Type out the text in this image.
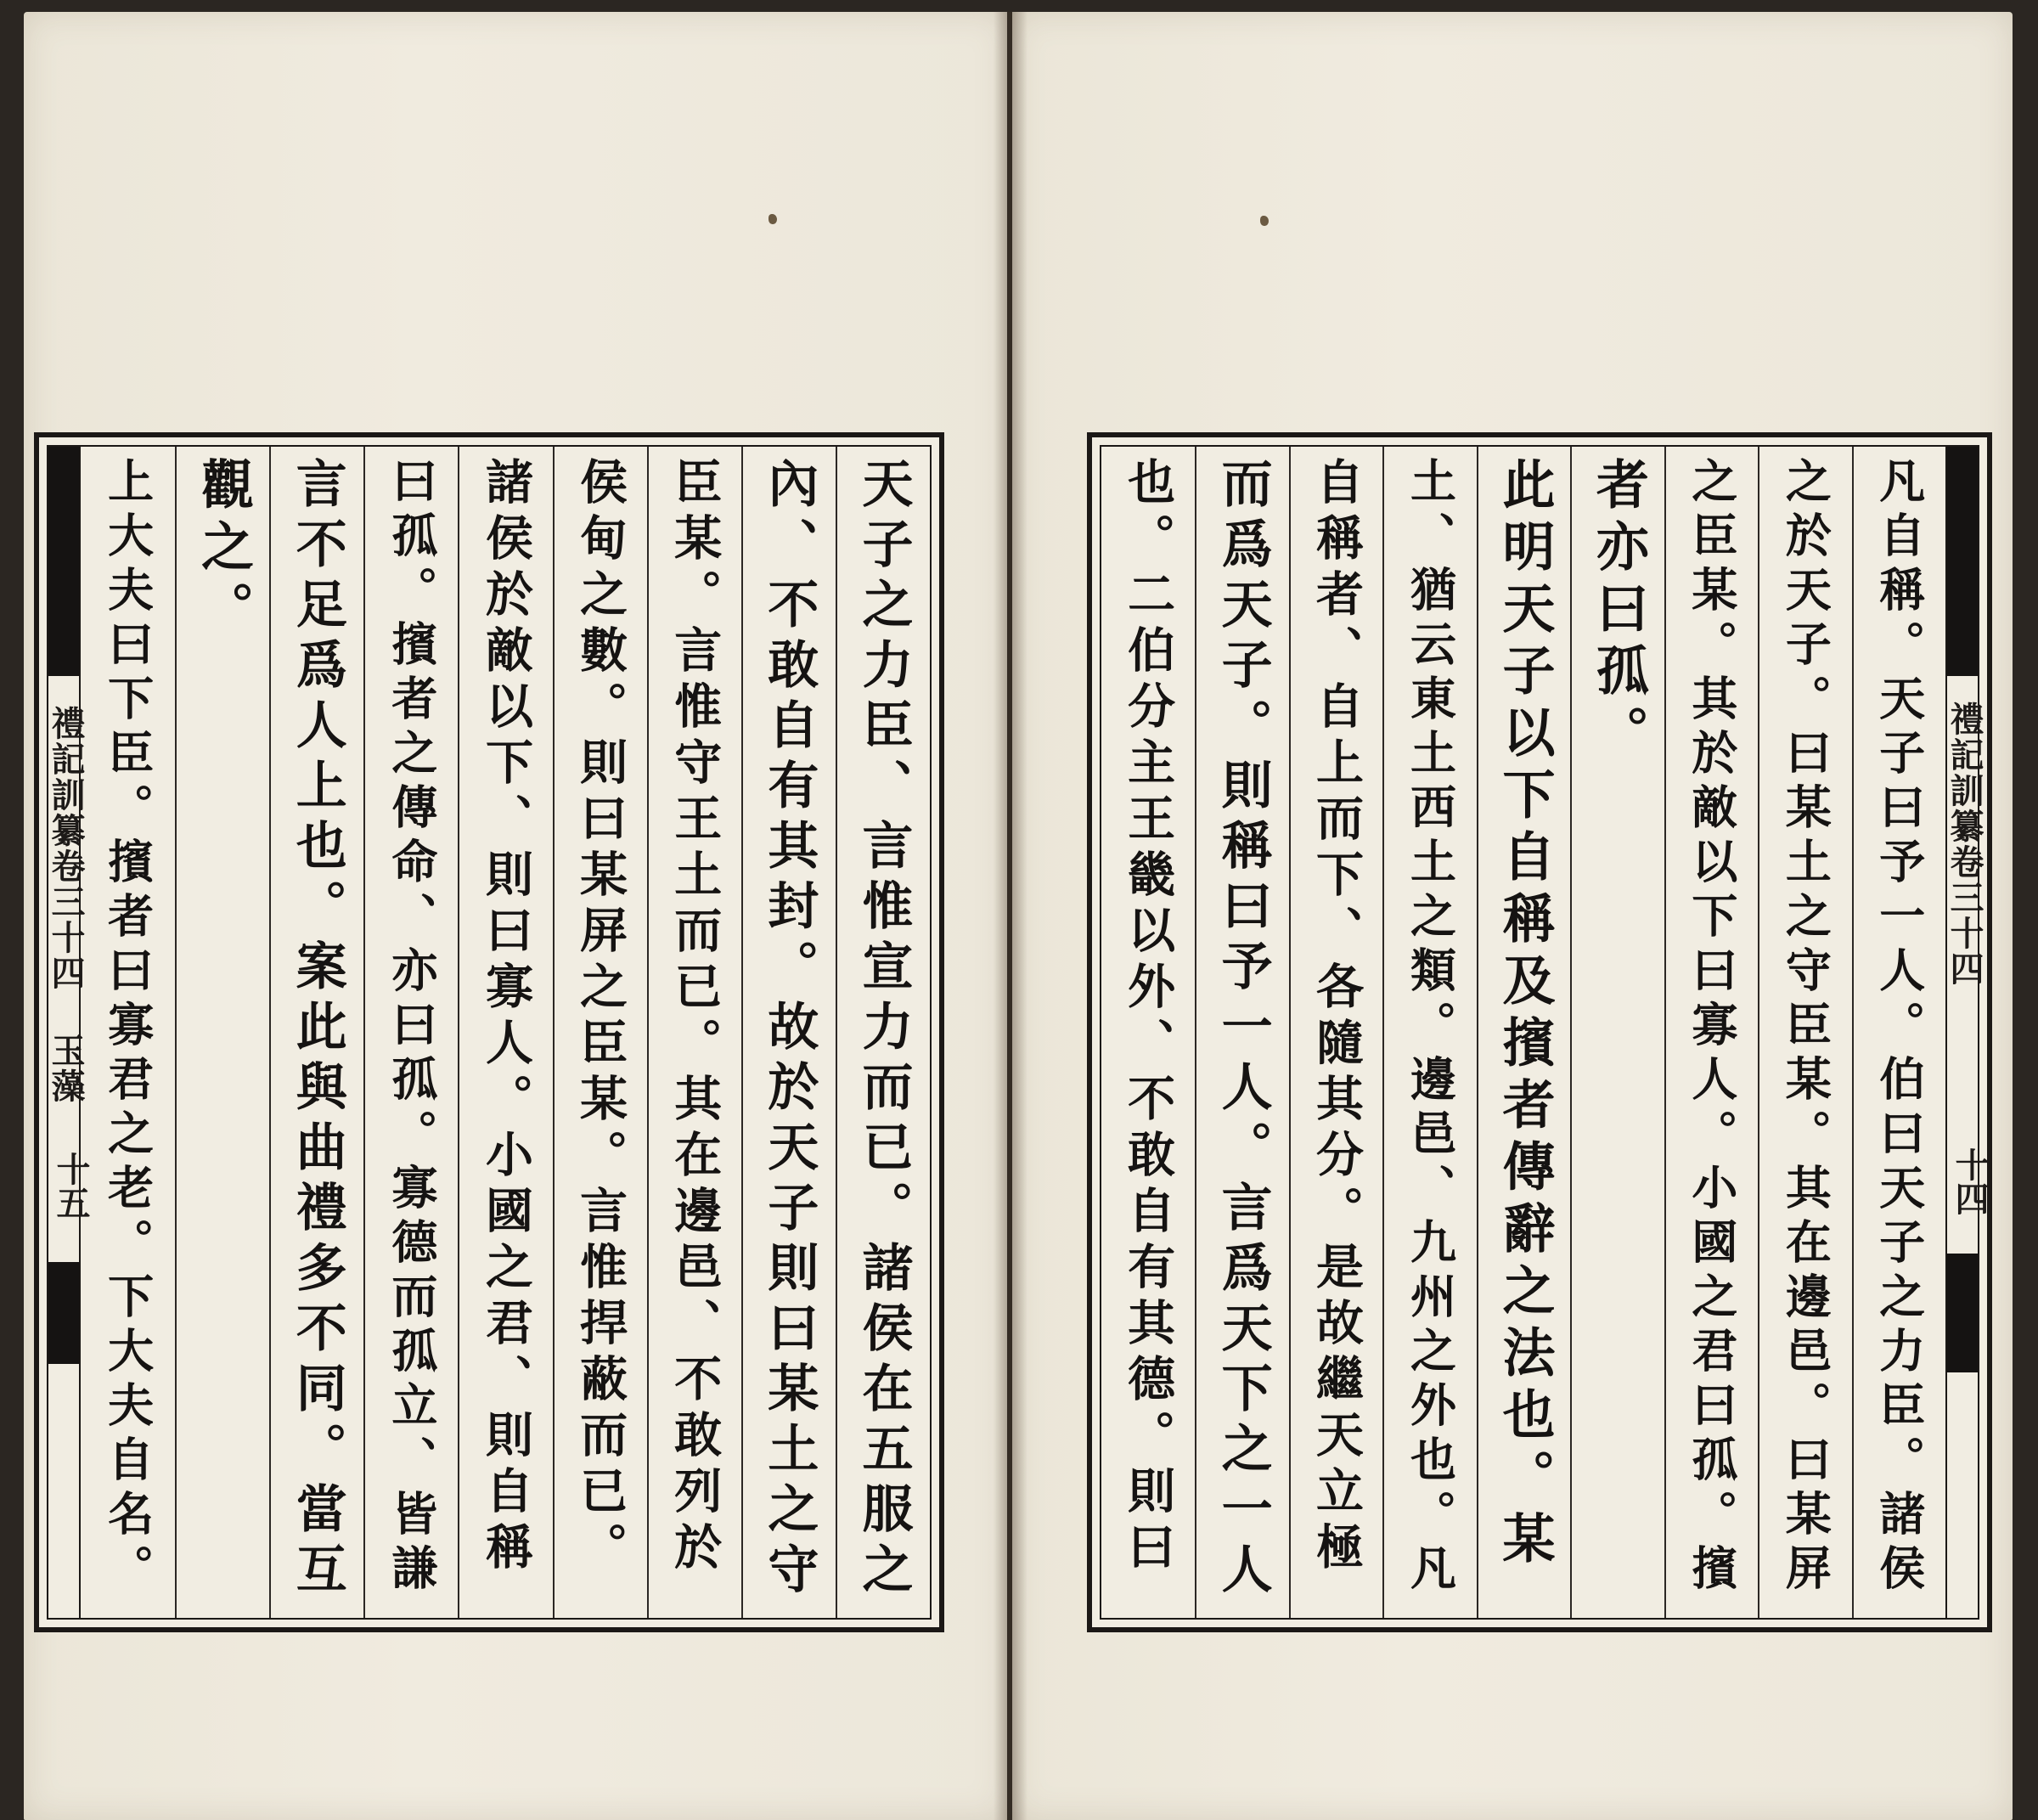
禮記訓纂卷三十四 玉藻
十五	天子之力臣、言惟宣力而已。諸侯在五服之
內、不敢自有其封。故於天子則曰某土之守
臣某。言惟守王土而已。其在邊邑、不敢列於
侯甸之數。則曰某屏之臣某。言惟捍蔽而已。
諸侯於敵以下、則曰寡人。小國之君、則自稱
曰孤。擯者之傳命、亦曰孤。寡德而孤立、皆謙
言不足爲人上也。案此與曲禮多不同。當互
觀之。
上大夫曰下臣。擯者曰寡君之老。下大夫自名。	凡自稱。天子曰予一人。伯曰天子之力臣。諸侯
之於天子。曰某土之守臣某。其在邊邑。曰某屏
之臣某。其於敵以下曰寡人。小國之君曰孤。擯
者亦曰孤。
此明天子以下自稱及擯者傳辭之法也。某
土、猶云東土西土之類。邊邑、九州之外也。凡
自稱者、自上而下、各隨其分。是故繼天立極
而爲天子。則稱曰予一人。言爲天下之一人
也。二伯分主王畿以外、不敢自有其德。則曰	禮記訓纂卷三十四
十四
